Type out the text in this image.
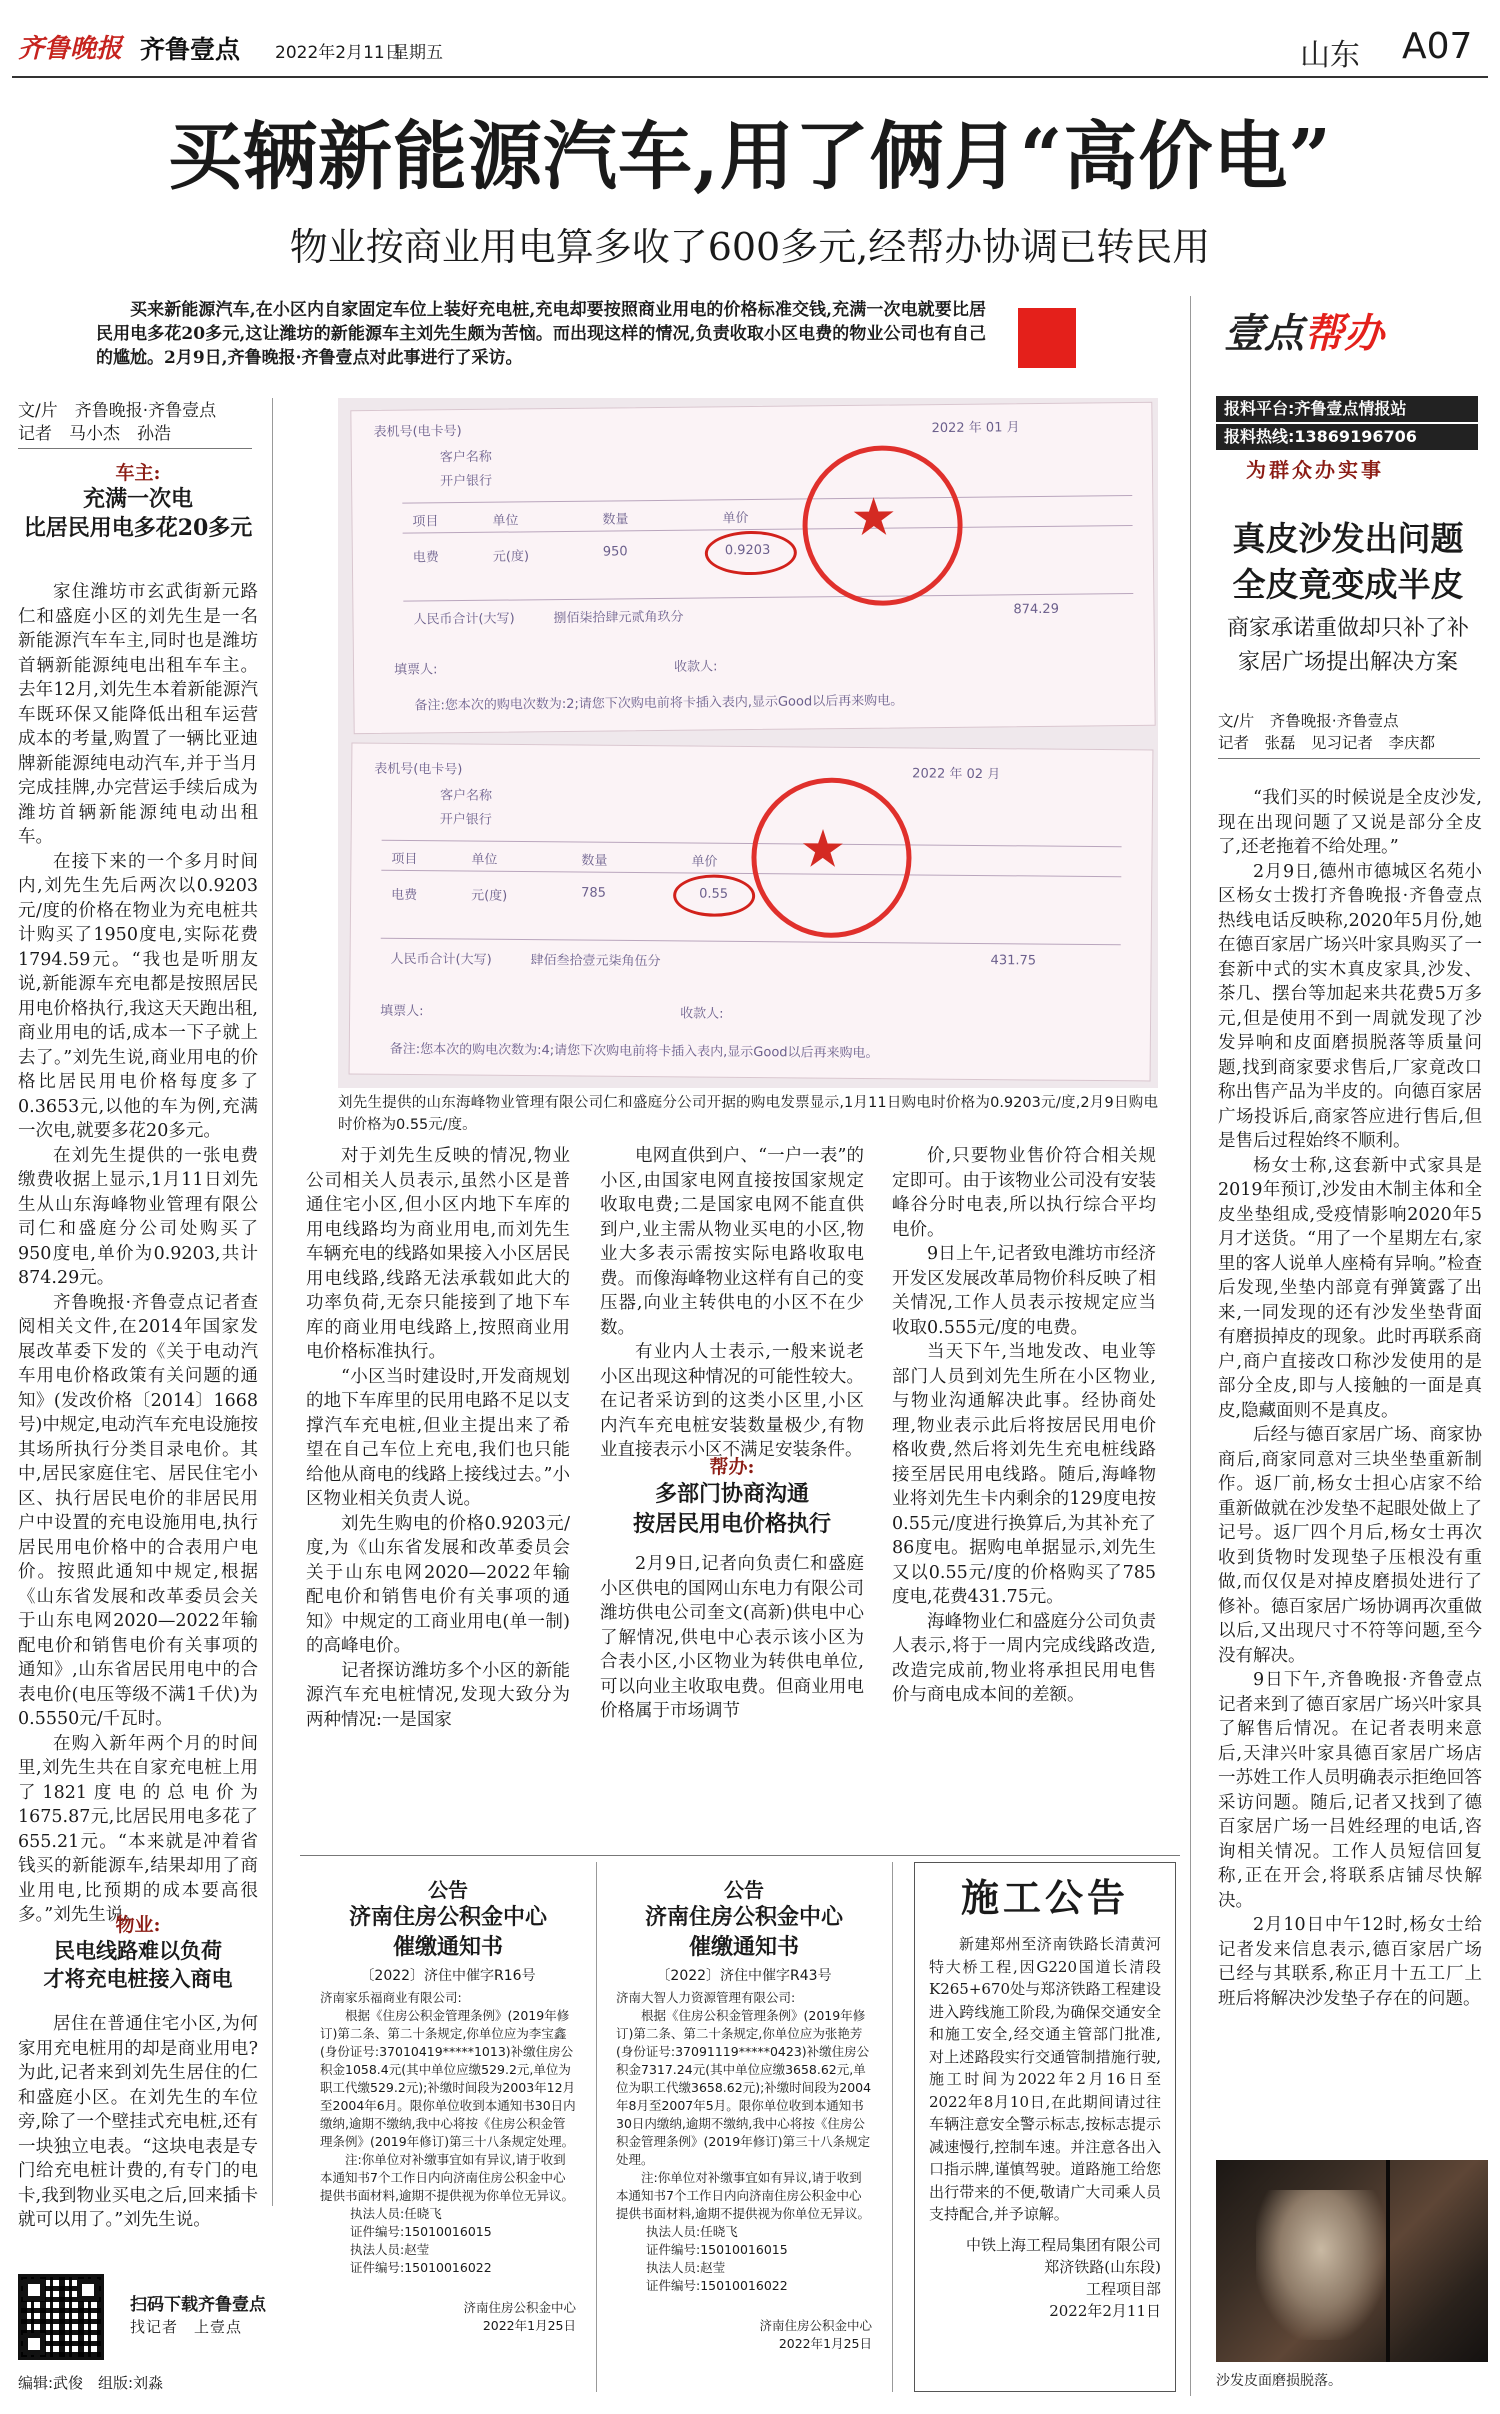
齐鲁晚报 齐鲁壹点 2022年2月11日
星期五	山东 A07
买辆新能源汽车,用了俩月“高价电”
物业按商业用电算多收了600多元,经帮办协调已转民用
买来新能源汽车,在小区内自家固定车位上装好充电桩,充电却要按照商业用电的价格标准交钱,充满一次电就要比居民用电多花20多元,这让潍坊的新能源车主刘先生颇为苦恼。而出现这样的情况,负责收取小区电费的物业公司也有自己的尴尬。2月9日,齐鲁晚报·齐鲁壹点对此事进行了采访。
壹点帮办
报料平台:齐鲁壹点情报站
报料热线:13869196706
为群众办实事
文/片　齐鲁晚报·齐鲁壹点
记者　马小杰　孙浩
车主:
充满一次电
比居民用电多花20多元

家住潍坊市玄武街新元路仁和盛庭小区的刘先生是一名新能源汽车车主,同时也是潍坊首辆新能源纯电出租车车主。去年12月,刘先生本着新能源汽车既环保又能降低出租车运营成本的考量,购置了一辆比亚迪牌新能源纯电动汽车,并于当月完成挂牌,办完营运手续后成为潍坊首辆新能源纯电动出租车。

在接下来的一个多月时间内,刘先生先后两次以0.9203元/度的价格在物业为充电桩共计购买了1950度电,实际花费1794.59元。“我也是听朋友说,新能源车充电都是按照居民用电价格执行,我这天天跑出租,商业用电的话,成本一下子就上去了。”刘先生说,商业用电的价格比居民用电价格每度多了0.3653元,以他的车为例,充满一次电,就要多花20多元。

在刘先生提供的一张电费缴费收据上显示,1月11日刘先生从山东海峰物业管理有限公司仁和盛庭分公司处购买了950度电,单价为0.9203,共计874.29元。

齐鲁晚报·齐鲁壹点记者查阅相关文件,在2014年国家发展改革委下发的《关于电动汽车用电价格政策有关问题的通知》(发改价格〔2014〕1668号)中规定,电动汽车充电设施按其场所执行分类目录电价。其中,居民家庭住宅、居民住宅小区、执行居民电价的非居民用户中设置的充电设施用电,执行居民用电价格中的合表用户电价。按照此通知中规定,根据《山东省发展和改革委员会关于山东电网2020—2022年输配电价和销售电价有关事项的通知》,山东省居民用电中的合表电价(电压等级不满1千伏)为0.5550元/千瓦时。

在购入新年两个月的时间里,刘先生共在自家充电桩上用了1821度电的总电价为1675.87元,比居民用电多花了655.21元。“本来就是冲着省钱买的新能源车,结果却用了商业用电,比预期的成本要高很多。”刘先生说。

物业:
民电线路难以负荷
才将充电桩接入商电

居住在普通住宅小区,为何家用充电桩用的却是商业用电?为此,记者来到刘先生居住的仁和盛庭小区。在刘先生的车位旁,除了一个壁挂式充电桩,还有一块独立电表。“这块电表是专门给充电桩计费的,有专门的电卡,我到物业买电之后,回来插卡就可以用了。”刘先生说。

表机号(电卡号)
客户名称
开户银行
2022 年 01 月
项目	单位	数量	单价
电费	元(度)	950	0.9203
人民币合计(大写)	捌佰柒拾肆元贰角玖分
874.29
填票人:	收款人:
备注:您本次的购电次数为:2;请您下次购电前将卡插入表内,显示Good以后再来购电。
★
表机号(电卡号)
客户名称
开户银行
2022 年 02 月
项目	单位	数量	单价
电费	元(度)	785	0.55
人民币合计(大写)	肆佰叁拾壹元柒角伍分	431.75
填票人:	收款人:
备注:您本次的购电次数为:4;请您下次购电前将卡插入表内,显示Good以后再来购电。
★
刘先生提供的山东海峰物业管理有限公司仁和盛庭分公司开据的购电发票显示,1月11日购电时价格为0.9203元/度,2月9日购电时价格为0.55元/度。

对于刘先生反映的情况,物业公司相关人员表示,虽然小区是普通住宅小区,但小区内地下车库的用电线路均为商业用电,而刘先生车辆充电的线路如果接入小区居民用电线路,线路无法承载如此大的功率负荷,无奈只能接到了地下车库的商业用电线路上,按照商业用电价格标准执行。

“小区当时建设时,开发商规划的地下车库里的民用电路不足以支撑汽车充电桩,但业主提出来了希望在自己车位上充电,我们也只能给他从商电的线路上接线过去。”小区物业相关负责人说。

刘先生购电的价格0.9203元/度,为《山东省发展和改革委员会关于山东电网2020—2022年输配电价和销售电价有关事项的通知》中规定的工商业用电(单一制)的高峰电价。

记者探访潍坊多个小区的新能源汽车充电桩情况,发现大致分为两种情况:一是国家

电网直供到户、“一户一表”的小区,由国家电网直接按国家规定收取电费;二是国家电网不能直供到户,业主需从物业买电的小区,物业大多表示需按实际电路收取电费。而像海峰物业这样有自己的变压器,向业主转供电的小区不在少数。

有业内人士表示,一般来说老小区出现这种情况的可能性较大。在记者采访到的这类小区里,小区内汽车充电桩安装数量极少,有物业直接表示小区不满足安装条件。

帮办:
多部门协商沟通
按居民用电价格执行

2月9日,记者向负责仁和盛庭小区供电的国网山东电力有限公司潍坊供电公司奎文(高新)供电中心了解情况,供电中心表示该小区为合表小区,小区物业为转供电单位,可以向业主收取电费。但商业用电价格属于市场调节

价,只要物业售价符合相关规定即可。由于该物业公司没有安装峰谷分时电表,所以执行综合平均电价。

9日上午,记者致电潍坊市经济开发区发展改革局物价科反映了相关情况,工作人员表示按规定应当收取0.555元/度的电费。

当天下午,当地发改、电业等部门人员到刘先生所在小区物业,与物业沟通解决此事。经协商处理,物业表示此后将按居民用电价格收费,然后将刘先生充电桩线路接至居民用电线路。随后,海峰物业将刘先生卡内剩余的129度电按0.55元/度进行换算后,为其补充了86度电。据购电单据显示,刘先生又以0.55元/度的价格购买了785度电,花费431.75元。

海峰物业仁和盛庭分公司负责人表示,将于一周内完成线路改造,改造完成前,物业将承担民用电售价与商电成本间的差额。

真皮沙发出问题
全皮竟变成半皮
商家承诺重做却只补了补
家居广场提出解决方案
文/片　齐鲁晚报·齐鲁壹点
记者　张磊　见习记者　李庆都

“我们买的时候说是全皮沙发,现在出现问题了又说是部分全皮了,还老拖着不给处理。”

2月9日,德州市德城区名苑小区杨女士拨打齐鲁晚报·齐鲁壹点热线电话反映称,2020年5月份,她在德百家居广场兴叶家具购买了一套新中式的实木真皮家具,沙发、茶几、摆台等加起来共花费5万多元,但是使用不到一周就发现了沙发异响和皮面磨损脱落等质量问题,找到商家要求售后,厂家竟改口称出售产品为半皮的。向德百家居广场投诉后,商家答应进行售后,但是售后过程始终不顺利。

杨女士称,这套新中式家具是2019年预订,沙发由木制主体和全皮坐垫组成,受疫情影响2020年5月才送货。“用了一个星期左右,家里的客人说单人座椅有异响。”检查后发现,坐垫内部竟有弹簧露了出来,一同发现的还有沙发坐垫背面有磨损掉皮的现象。此时再联系商户,商户直接改口称沙发使用的是部分全皮,即与人接触的一面是真皮,隐藏面则不是真皮。

后经与德百家居广场、商家协商后,商家同意对三块坐垫重新制作。返厂前,杨女士担心店家不给重新做就在沙发垫不起眼处做上了记号。返厂四个月后,杨女士再次收到货物时发现垫子压根没有重做,而仅仅是对掉皮磨损处进行了修补。德百家居广场协调再次重做以后,又出现尺寸不符等问题,至今没有解决。

9日下午,齐鲁晚报·齐鲁壹点记者来到了德百家居广场兴叶家具了解售后情况。在记者表明来意后,天津兴叶家具德百家居广场店一苏姓工作人员明确表示拒绝回答采访问题。随后,记者又找到了德百家居广场一吕姓经理的电话,咨询相关情况。工作人员短信回复称,正在开会,将联系店铺尽快解决。

2月10日中午12时,杨女士给记者发来信息表示,德百家居广场已经与其联系,称正月十五工厂上班后将解决沙发垫子存在的问题。

沙发皮面磨损脱落。
公告
济南住房公积金中心
催缴通知书
〔2022〕济住中催字R16号
济南家乐福商业有限公司:
根据《住房公积金管理条例》(2019年修订)第二条、第二十条规定,你单位应为李宝鑫(身份证号:37010419*****1013)补缴住房公积金1058.4元(其中单位应缴529.2元,单位为职工代缴529.2元);补缴时间段为2003年12月至2004年6月。限你单位收到本通知书30日内缴纳,逾期不缴纳,我中心将按《住房公积金管理条例》(2019年修订)第三十八条规定处理。
注:你单位对补缴事宜如有异议,请于收到本通知书7个工作日内向济南住房公积金中心提供书面材料,逾期不提供视为你单位无异议。
执法人员:任晓飞
证件编号:15010016015
执法人员:赵莹
证件编号:15010016022
济南住房公积金中心
2022年1月25日
公告
济南住房公积金中心
催缴通知书
〔2022〕济住中催字R43号
济南大智人力资源管理有限公司:
根据《住房公积金管理条例》(2019年修订)第二条、第二十条规定,你单位应为张艳芳(身份证号:37091119*****0423)补缴住房公积金7317.24元(其中单位应缴3658.62元,单位为职工代缴3658.62元);补缴时间段为2004年8月至2007年5月。限你单位收到本通知书30日内缴纳,逾期不缴纳,我中心将按《住房公积金管理条例》(2019年修订)第三十八条规定处理。
注:你单位对补缴事宜如有异议,请于收到本通知书7个工作日内向济南住房公积金中心提供书面材料,逾期不提供视为你单位无异议。
执法人员:任晓飞
证件编号:15010016015
执法人员:赵莹
证件编号:15010016022
济南住房公积金中心
2022年1月25日
施工公告
新建郑州至济南铁路长清黄河特大桥工程,因G220国道长清段K265+670处与郑济铁路工程建设进入跨线施工阶段,为确保交通安全和施工安全,经交通主管部门批准,对上述路段实行交通管制措施行驶,施工时间为2022年2月16日至2022年8月10日,在此期间请过往车辆注意安全警示标志,按标志提示减速慢行,控制车速。并注意各出入口指示牌,谨慎驾驶。道路施工给您出行带来的不便,敬请广大司乘人员支持配合,并予谅解。
中铁上海工程局集团有限公司
郑济铁路(山东段)
工程项目部
2022年2月11日
扫码下载齐鲁壹点
找记者　上壹点
编辑:武俊　组版:刘淼
